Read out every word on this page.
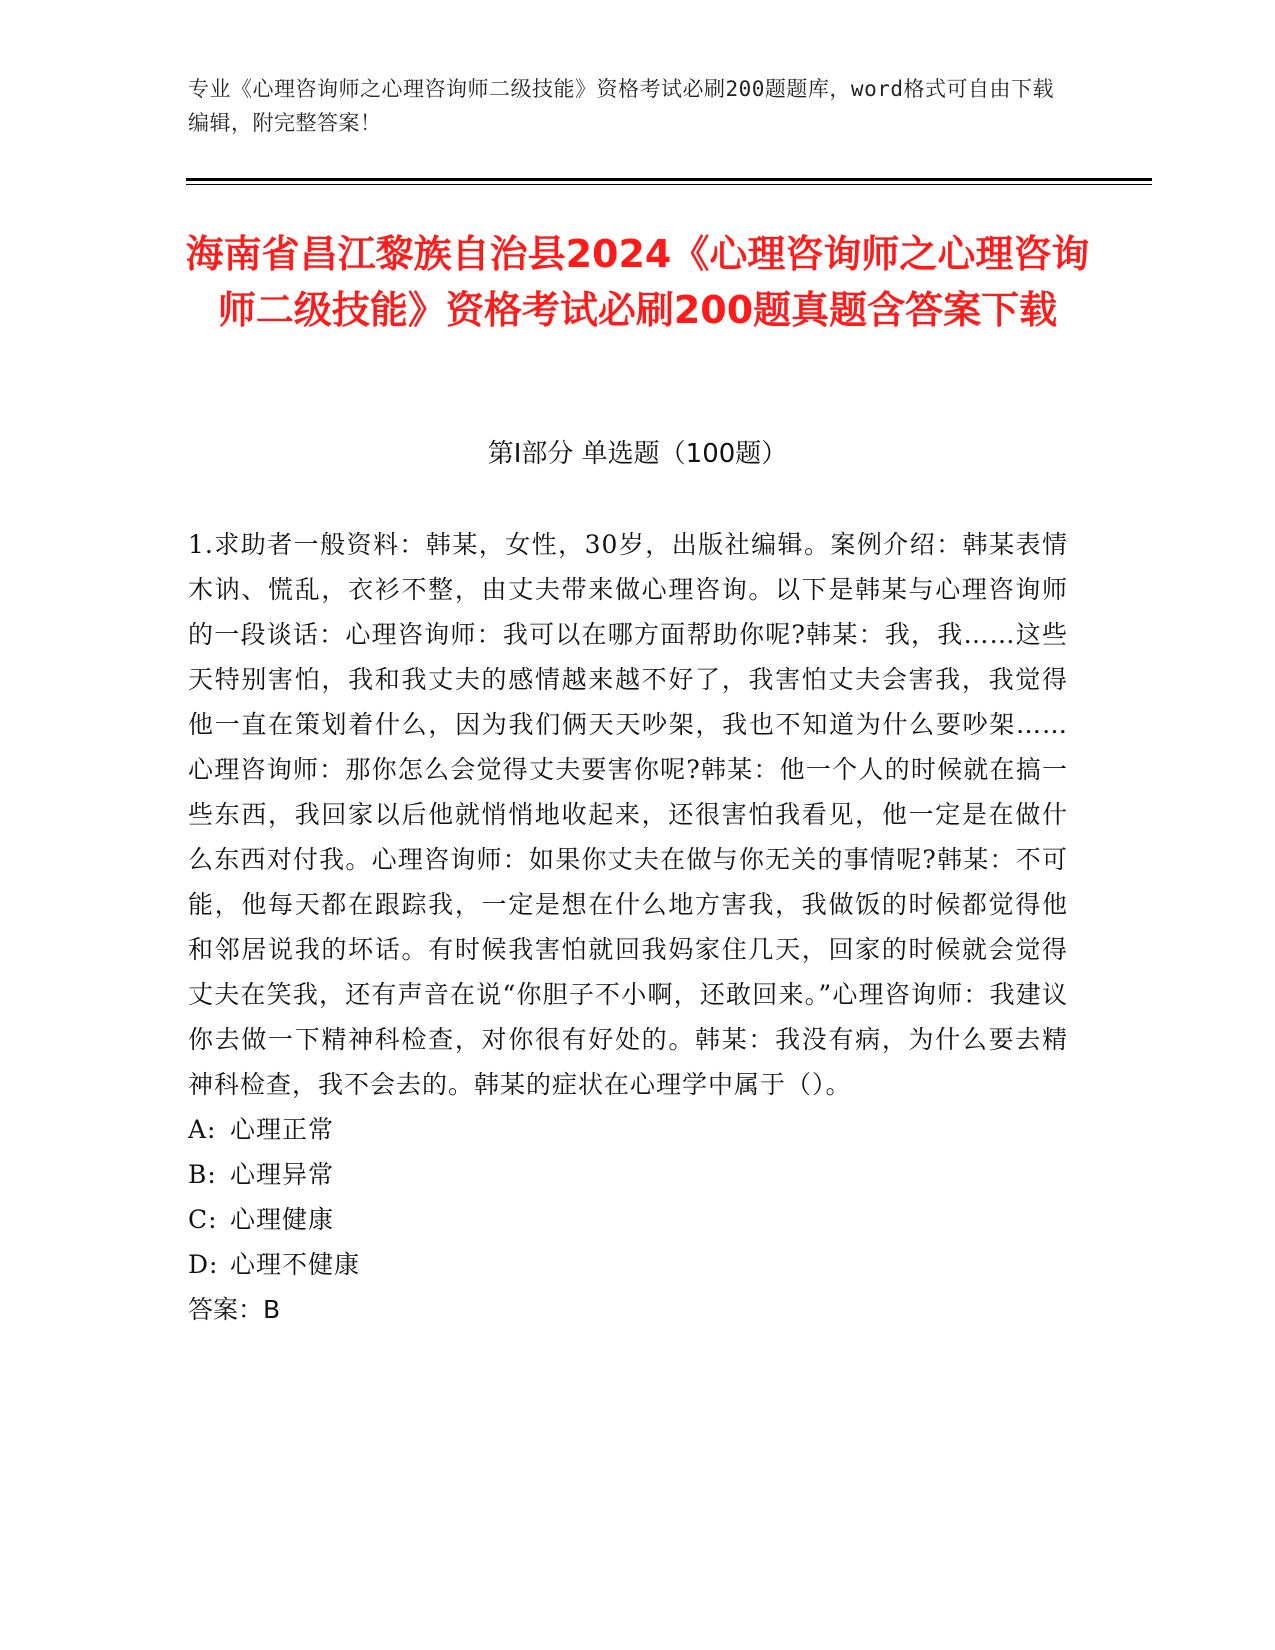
专业《心理咨询师之心理咨询师二级技能》资格考试必刷200题题库，word格式可自由下载编辑，附完整答案！
海南省昌江黎族自治县2024《心理咨询师之心理咨询师二级技能》资格考试必刷200题真题含答案下载
第I部分 单选题（100题）

1.求助者一般资料：韩某，女性，30岁，出版社编辑。案例介绍：韩某表情木讷、慌乱，衣衫不整，由丈夫带来做心理咨询。以下是韩某与心理咨询师的一段谈话：心理咨询师：我可以在哪方面帮助你呢?韩某：我，我……这些天特别害怕，我和我丈夫的感情越来越不好了，我害怕丈夫会害我，我觉得他一直在策划着什么，因为我们俩天天吵架，我也不知道为什么要吵架……心理咨询师：那你怎么会觉得丈夫要害你呢?韩某：他一个人的时候就在搞一些东西，我回家以后他就悄悄地收起来，还很害怕我看见，他一定是在做什么东西对付我。心理咨询师：如果你丈夫在做与你无关的事情呢?韩某：不可能，他每天都在跟踪我，一定是想在什么地方害我，我做饭的时候都觉得他和邻居说我的坏话。有时候我害怕就回我妈家住几天，回家的时候就会觉得丈夫在笑我，还有声音在说“你胆子不小啊，还敢回来。”心理咨询师：我建议你去做一下精神科检查，对你很有好处的。韩某：我没有病，为什么要去精神科检查，我不会去的。韩某的症状在心理学中属于（）。

A: 心理正常

B: 心理异常

C: 心理健康

D: 心理不健康

答案：B
